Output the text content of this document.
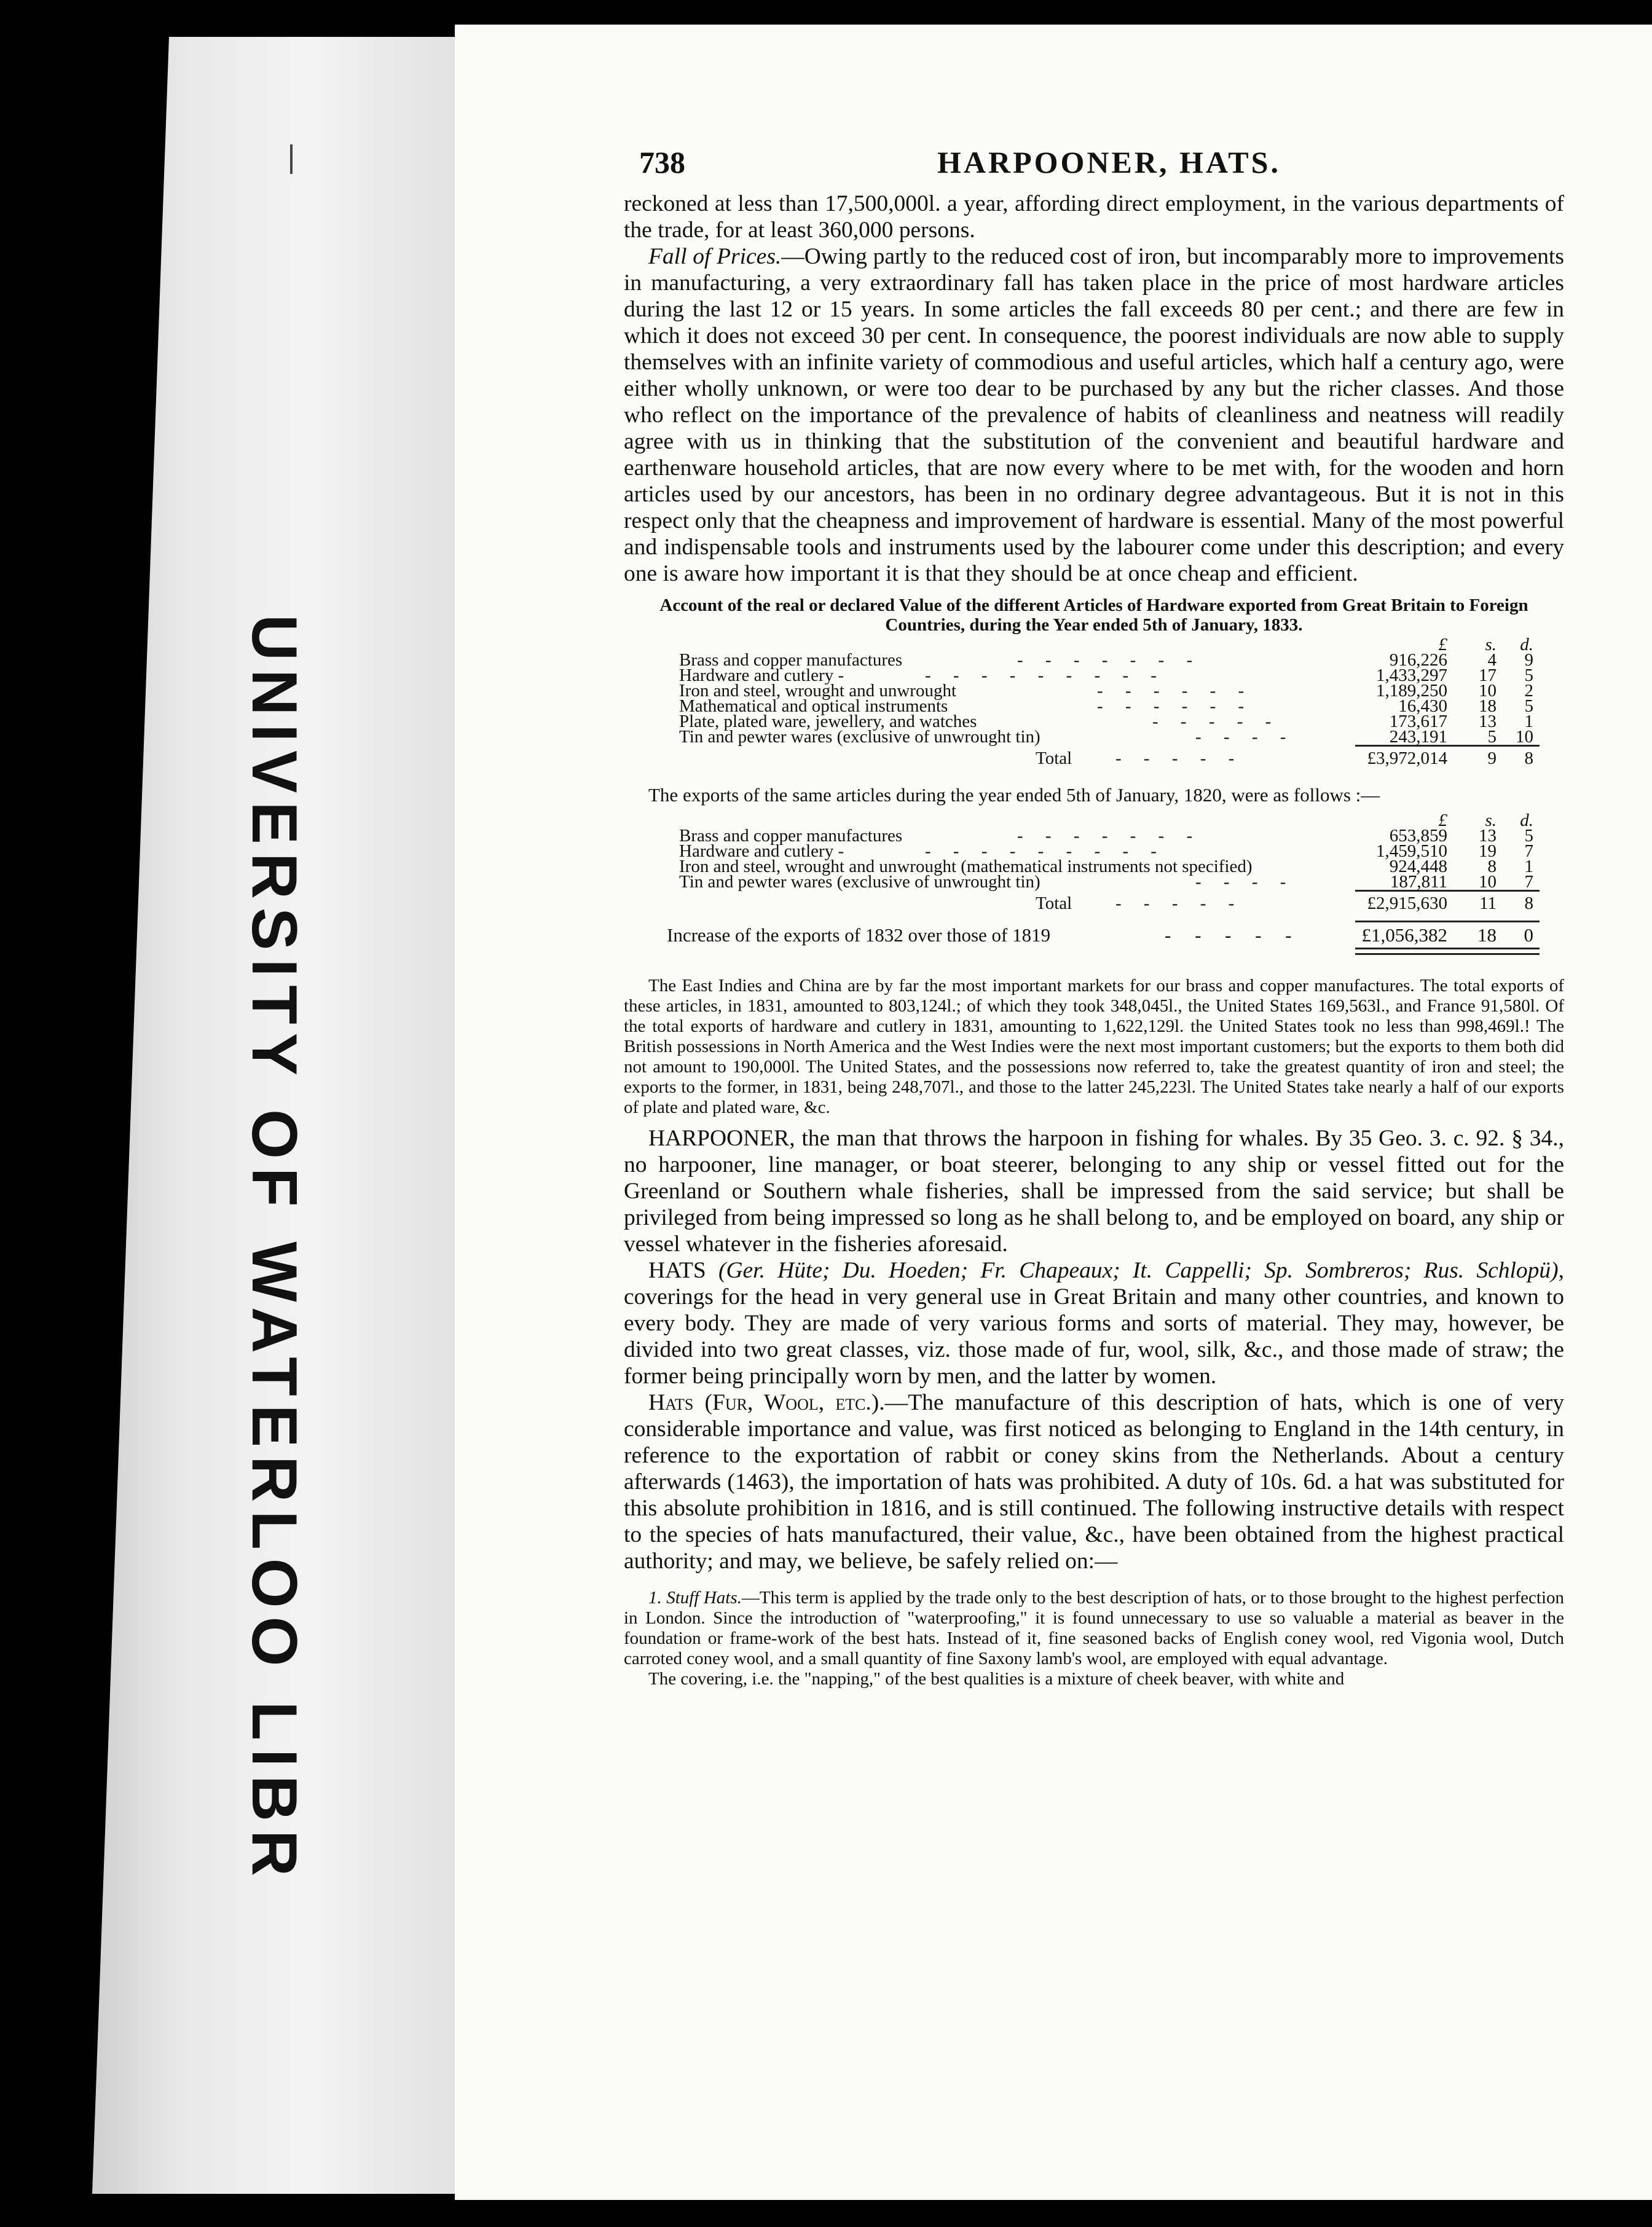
UNIVERSITY OF WATERLOO LIBR
738	HARPOONER, HATS.

reckoned at less than 17,500,000l. a year, affording direct employment, in the various departments of the trade, for at least 360,000 persons.

Fall of Prices.—Owing partly to the reduced cost of iron, but incomparably more to improvements in manufacturing, a very extraordinary fall has taken place in the price of most hardware articles during the last 12 or 15 years. In some articles the fall exceeds 80 per cent.; and there are few in which it does not exceed 30 per cent. In consequence, the poorest individuals are now able to supply themselves with an infinite variety of commodious and useful articles, which half a century ago, were either wholly unknown, or were too dear to be purchased by any but the richer classes. And those who reflect on the importance of the prevalence of habits of cleanliness and neatness will readily agree with us in thinking that the substitution of the convenient and beautiful hardware and earthenware household articles, that are now every where to be met with, for the wooden and horn articles used by our ancestors, has been in no ordinary degree advantageous. But it is not in this respect only that the cheapness and improvement of hardware is essential. Many of the most powerful and indispensable tools and instruments used by the labourer come under this description; and every one is aware how important it is that they should be at once cheap and efficient.

Account of the real or declared Value of the different Articles of Hardware exported from Great Britain to Foreign Countries, during the Year ended 5th of January, 1833.
£	s.	d.
Brass and copper manufactures	-     -     -     -     -     -     -	916,226	4	9
Hardware and cutlery -	-     -     -     -     -     -     -     -     -	1,433,297	17	5
Iron and steel, wrought and unwrought	-     -     -     -     -     -	1,189,250	10	2
Mathematical and optical instruments	-     -     -     -     -     -	16,430	18	5
Plate, plated ware, jewellery, and watches	-     -     -     -     -	173,617	13	1
Tin and pewter wares (exclusive of unwrought tin)	-     -     -     -	243,191	5	10
Total -     -     -     -     -	£3,972,014	9	8

The exports of the same articles during the year ended 5th of January, 1820, were as follows :—

£	s.	d.
Brass and copper manufactures	-     -     -     -     -     -     -	653,859	13	5
Hardware and cutlery -	-     -     -     -     -     -     -     -     -	1,459,510	19	7
Iron and steel, wrought and unwrought (mathematical instruments not specified)	924,448	8	1
Tin and pewter wares (exclusive of unwrought tin)	-     -     -     -	187,811	10	7
Total -     -     -     -     -	£2,915,630	11	8
Increase of the exports of 1832 over those of 1819	-     -     -     -     -	£1,056,382	18	0

The East Indies and China are by far the most important markets for our brass and copper manufactures. The total exports of these articles, in 1831, amounted to 803,124l.; of which they took 348,045l., the United States 169,563l., and France 91,580l. Of the total exports of hardware and cutlery in 1831, amounting to 1,622,129l. the United States took no less than 998,469l.! The British possessions in North America and the West Indies were the next most important customers; but the exports to them both did not amount to 190,000l. The United States, and the possessions now referred to, take the greatest quantity of iron and steel; the exports to the former, in 1831, being 248,707l., and those to the latter 245,223l. The United States take nearly a half of our exports of plate and plated ware, &c.

HARPOONER, the man that throws the harpoon in fishing for whales. By 35 Geo. 3. c. 92. § 34., no harpooner, line manager, or boat steerer, belonging to any ship or vessel fitted out for the Greenland or Southern whale fisheries, shall be impressed from the said service; but shall be privileged from being impressed so long as he shall belong to, and be employed on board, any ship or vessel whatever in the fisheries aforesaid.

HATS (Ger. Hüte; Du. Hoeden; Fr. Chapeaux; It. Cappelli; Sp. Sombreros; Rus. Schlopü), coverings for the head in very general use in Great Britain and many other countries, and known to every body. They are made of very various forms and sorts of material. They may, however, be divided into two great classes, viz. those made of fur, wool, silk, &c., and those made of straw; the former being principally worn by men, and the latter by women.

Hats (Fur, Wool, etc.).—The manufacture of this description of hats, which is one of very considerable importance and value, was first noticed as belonging to England in the 14th century, in reference to the exportation of rabbit or coney skins from the Netherlands. About a century afterwards (1463), the importation of hats was prohibited. A duty of 10s. 6d. a hat was substituted for this absolute prohibition in 1816, and is still continued. The following instructive details with respect to the species of hats manufactured, their value, &c., have been obtained from the highest practical authority; and may, we believe, be safely relied on:—

1. Stuff Hats.—This term is applied by the trade only to the best description of hats, or to those brought to the highest perfection in London. Since the introduction of "waterproofing," it is found unnecessary to use so valuable a material as beaver in the foundation or frame-work of the best hats. Instead of it, fine seasoned backs of English coney wool, red Vigonia wool, Dutch carroted coney wool, and a small quantity of fine Saxony lamb's wool, are employed with equal advantage.

The covering, i.e. the "napping," of the best qualities is a mixture of cheek beaver, with white and
